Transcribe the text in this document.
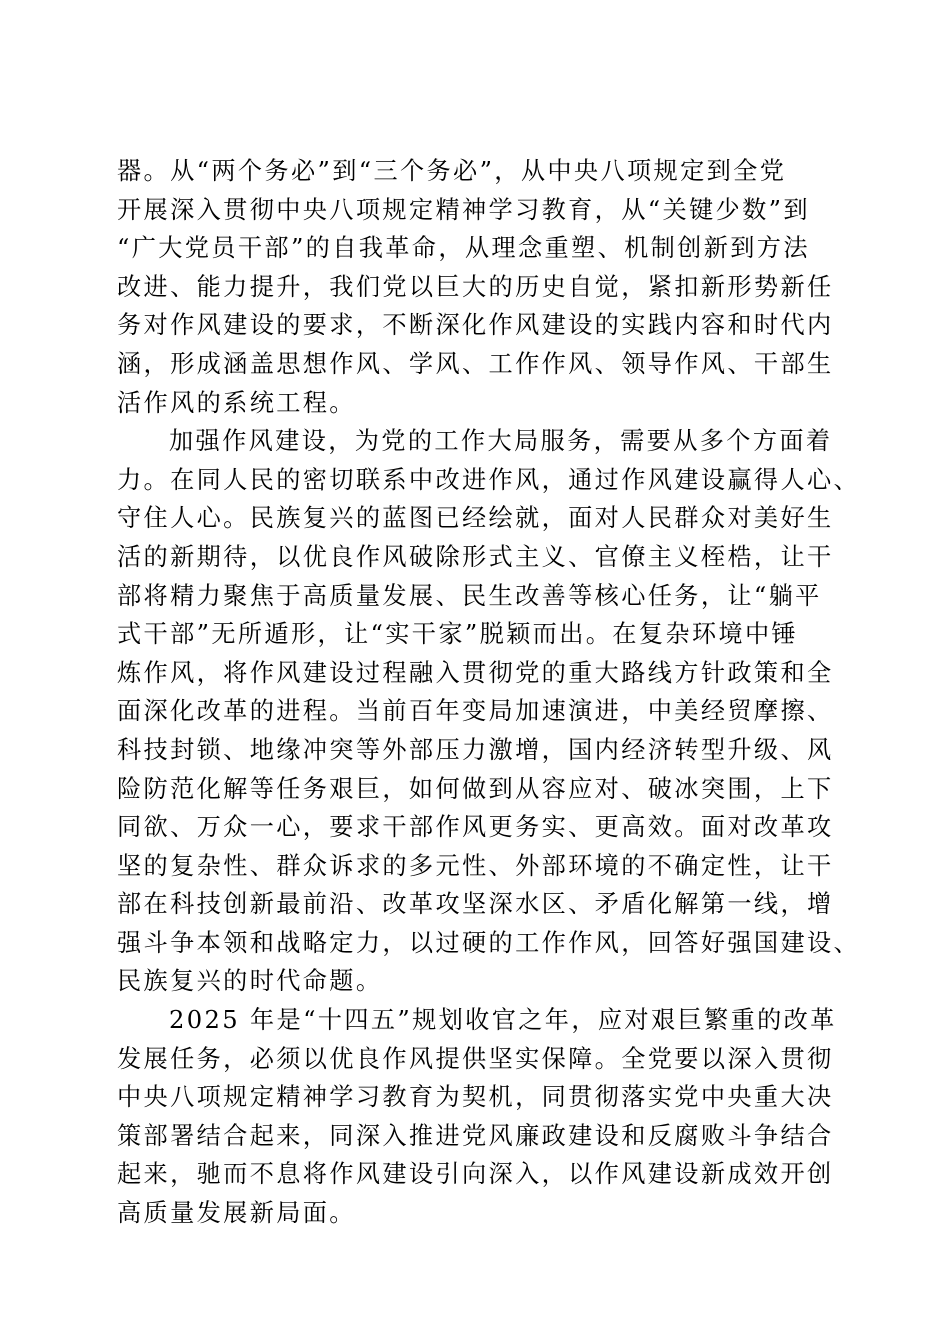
器。从“两个务必”到“三个务必”，从中央八项规定到全党
开展深入贯彻中央八项规定精神学习教育，从“关键少数”到
“广大党员干部”的自我革命，从理念重塑、机制创新到方法
改进、能力提升，我们党以巨大的历史自觉，紧扣新形势新任
务对作风建设的要求，不断深化作风建设的实践内容和时代内
涵，形成涵盖思想作风、学风、工作作风、领导作风、干部生
活作风的系统工程。
加强作风建设，为党的工作大局服务，需要从多个方面着
力。在同人民的密切联系中改进作风，通过作风建设赢得人心、
守住人心。民族复兴的蓝图已经绘就，面对人民群众对美好生
活的新期待，以优良作风破除形式主义、官僚主义桎梏，让干
部将精力聚焦于高质量发展、民生改善等核心任务，让“躺平
式干部”无所遁形，让“实干家”脱颖而出。在复杂环境中锤
炼作风，将作风建设过程融入贯彻党的重大路线方针政策和全
面深化改革的进程。当前百年变局加速演进，中美经贸摩擦、
科技封锁、地缘冲突等外部压力激增，国内经济转型升级、风
险防范化解等任务艰巨，如何做到从容应对、破冰突围，上下
同欲、万众一心，要求干部作风更务实、更高效。面对改革攻
坚的复杂性、群众诉求的多元性、外部环境的不确定性，让干
部在科技创新最前沿、改革攻坚深水区、矛盾化解第一线，增
强斗争本领和战略定力，以过硬的工作作风，回答好强国建设、
民族复兴的时代命题。
2025 年是“十四五”规划收官之年，应对艰巨繁重的改革
发展任务，必须以优良作风提供坚实保障。全党要以深入贯彻
中央八项规定精神学习教育为契机，同贯彻落实党中央重大决
策部署结合起来，同深入推进党风廉政建设和反腐败斗争结合
起来，驰而不息将作风建设引向深入，以作风建设新成效开创
高质量发展新局面。
